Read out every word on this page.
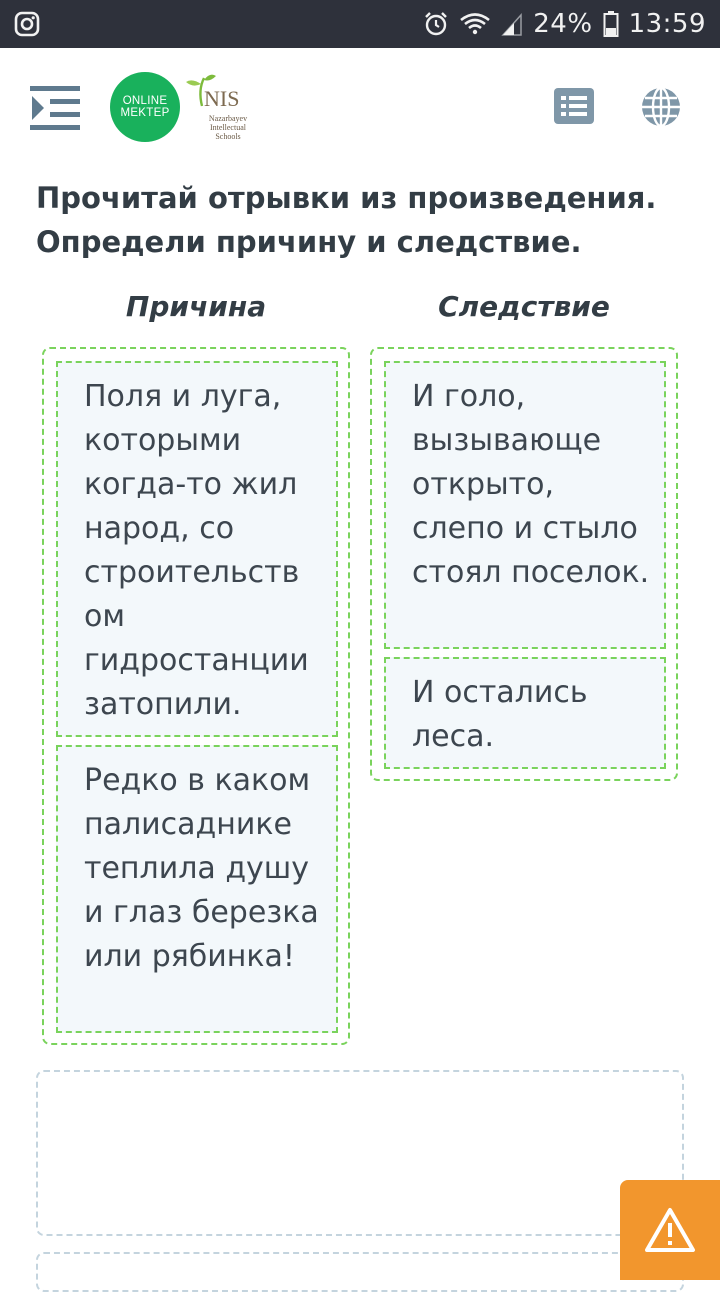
24% 13:59
ONLINE
MEKTEP
NIS
Nazarbayev Intellectual Schools
Прочитай отрывки из произведения.
Определи причину и следствие.
Причина	Следствие
Поля и луга, которыми когда-то жил народ, со строительств ом гидростанции затопили.
Редко в каком палисаднике теплила душу и глаз березка или рябинка!
И голо, вызывающе открыто, слепо и стыло стоял поселок.
И остались леса.
